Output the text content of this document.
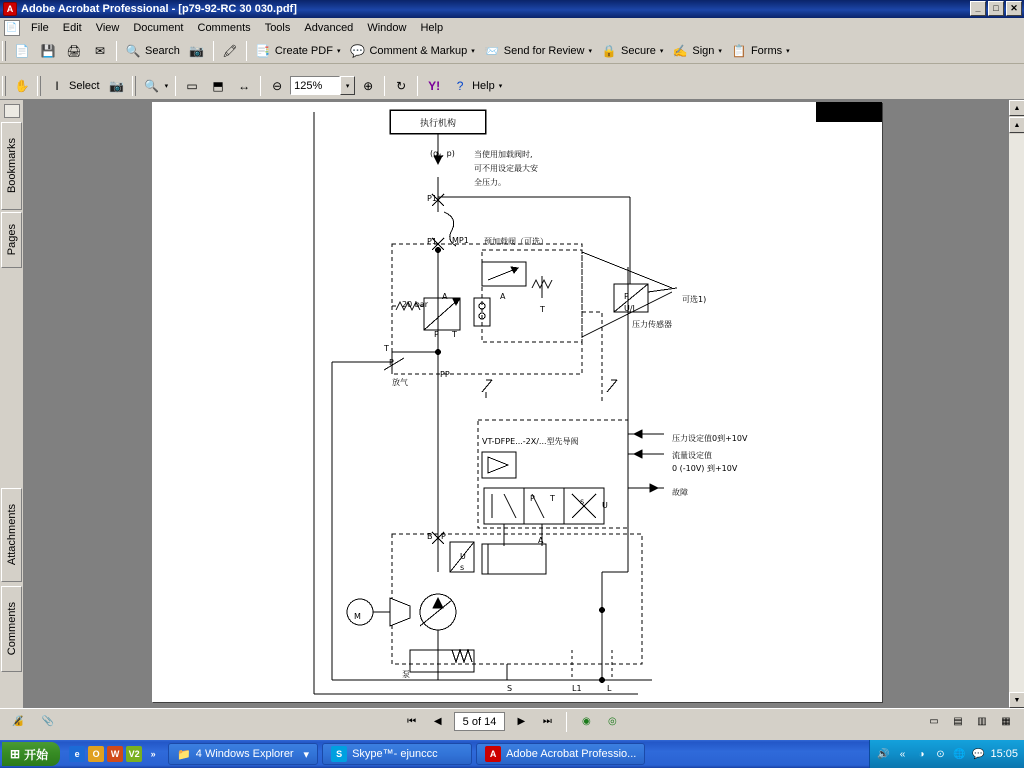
A Adobe Acrobat Professional - [p79-92-RC 30 030.pdf]	_	□	✕
📄	File	Edit	View	Document	Comments	Tools	Advanced	Window	Help
📄 💾 🖨	✉	🔍 Search 📷 🖍 📑 Create PDF ▾ 💬 Comment & Markup ▾ 📨 Send for Review ▾ 🔒 Secure ▾ ✍ Sign ▾ 📋 Forms ▾
✋	I Select 📷 🔍 ▾ ▭ ⬒ ↔	⊖	125%	▾	⊕	↻	Y!	? Help ▾
Bookmarks
Pages
Attachments
Comments
执行机构
(qᵥ, p) 当使用加载阀时,
可不用设定最大安
全压力。
P1
MP1 预加载阀（可选）
P1
A	A
T
20 bar
P T
T
P
PP
放气
P
U/I
可选1)
压力传感器
VT-DFPE...-2X/...型先导阀	压力设定值0到+10V
流量设定值
0 (-10V) 到+10V
故障
P T	s U
A
B P
U
s
M
泵
S	L1	L
▲
▲
▼
🔏	📎	⏮	◀	5 of 14	▶	⏭	◉	◎	▭	▤	▥	▦
⊞ 开始	e	O	W	V2	»	📁 4 Windows Explorer ▾	S Skype™- ejunccc	A Adobe Acrobat Professio...	🔊	«	◑	⊙ 🌐 💬 15:05
